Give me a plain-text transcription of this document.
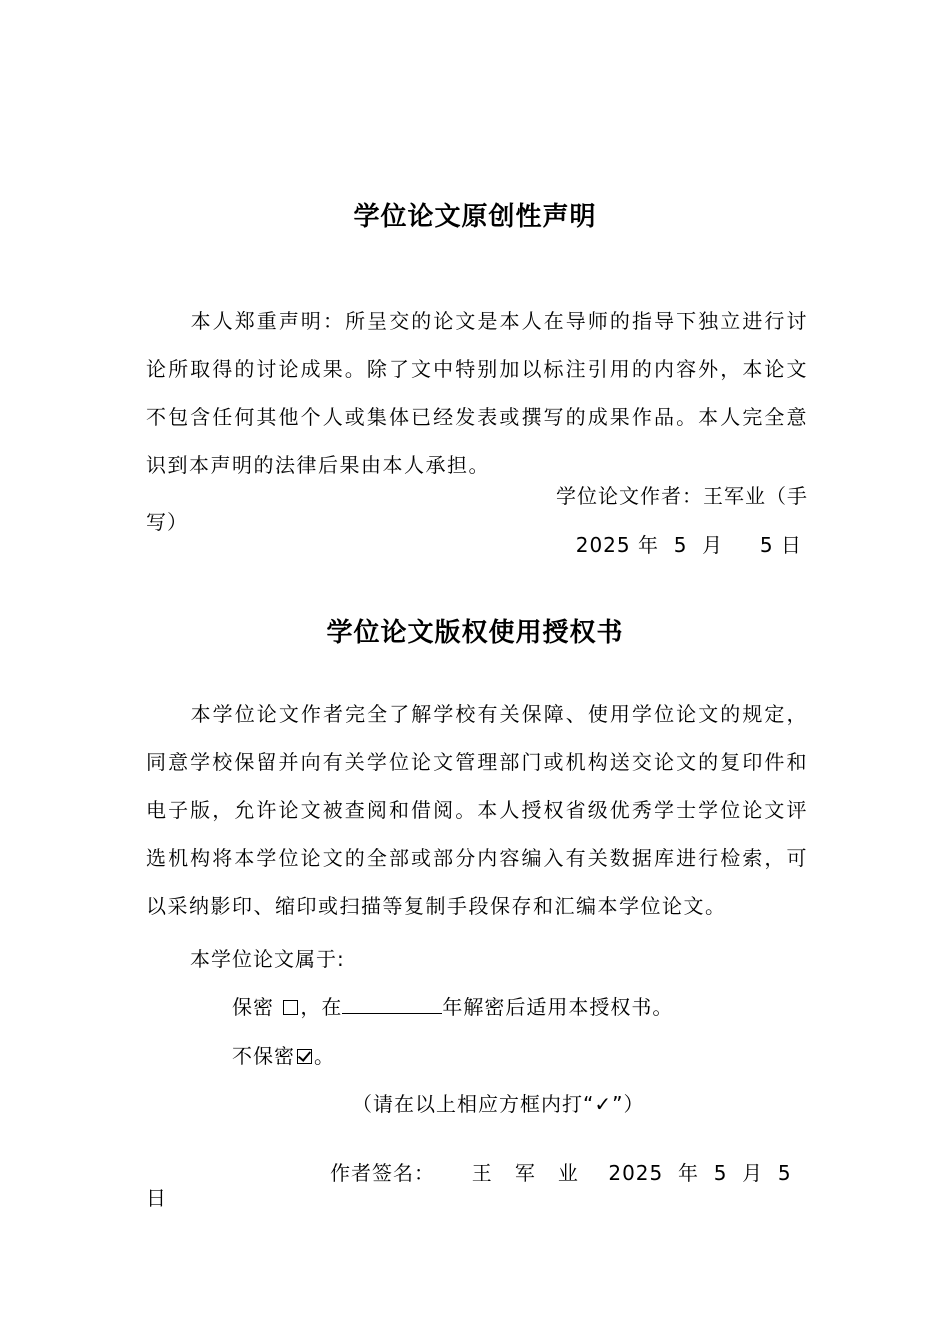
学位论文原创性声明

本人郑重声明：所呈交的论文是本人在导师的指导下独立进行讨论所取得的讨论成果。除了文中特别加以标注引用的内容外，本论文不包含任何其他个人或集体已经发表或撰写的成果作品。本人完全意识到本声明的法律后果由本人承担。

学位论文作者：王军业（手
写）
2025 年  5  月     5 日
学位论文版权使用授权书

本学位论文作者完全了解学校有关保障、使用学位论文的规定，同意学校保留并向有关学位论文管理部门或机构送交论文的复印件和电子版，允许论文被查阅和借阅。本人授权省级优秀学士学位论文评选机构将本学位论文的全部或部分内容编入有关数据库进行检索，可以采纳影印、缩印或扫描等复制手段保存和汇编本学位论文。

本学位论文属于:
保密 ，在	年解密后适用本授权书。
不保密 。
（请在以上相应方框内打“✓”）
作者签名：     王   军   业    2025  年  5  月  5
日
